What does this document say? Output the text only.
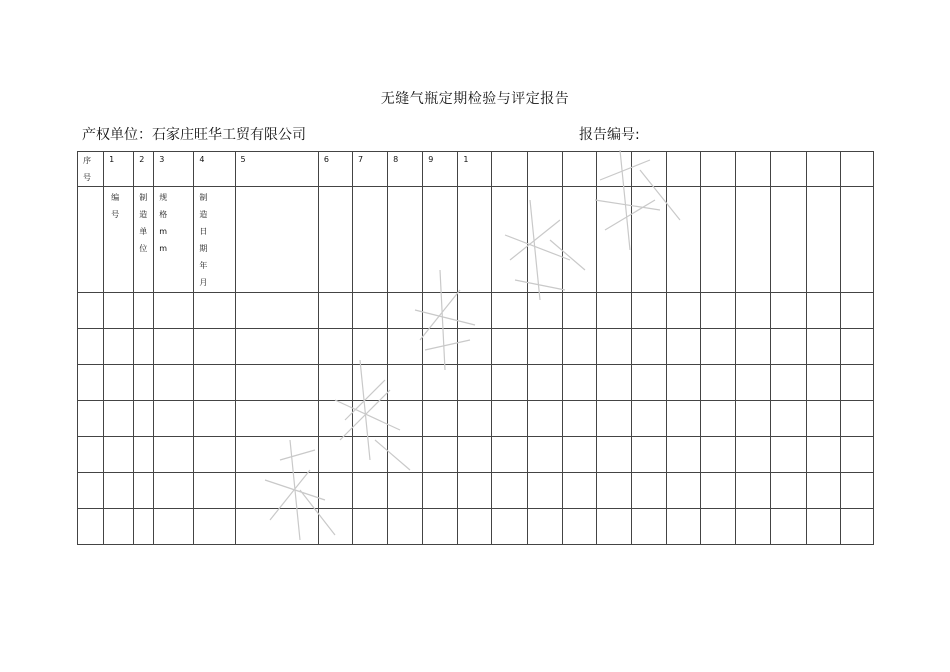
无缝气瓶定期检验与评定报告
产权单位：石家庄旺华工贸有限公司	报告编号:
序号	1	2	3	4	5	6	7	8	9	1											

	编号	制造单位	规格mm	制造日期年月																	
